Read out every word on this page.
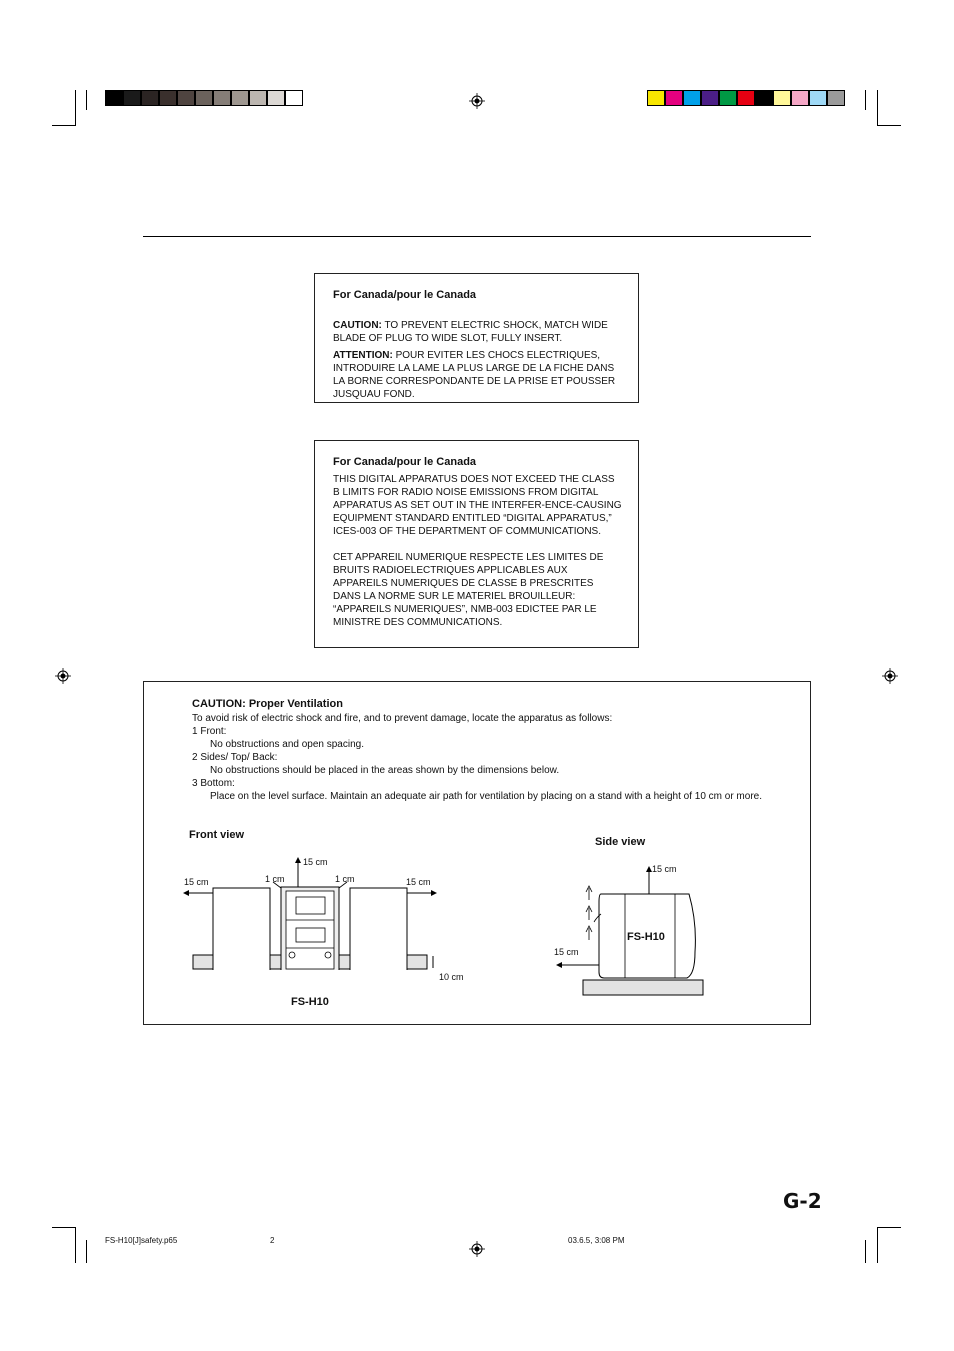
For Canada/pour le Canada

CAUTION: TO PREVENT ELECTRIC SHOCK, MATCH WIDE BLADE OF PLUG TO WIDE SLOT, FULLY INSERT.

ATTENTION: POUR EVITER LES CHOCS ELECTRIQUES, INTRODUIRE LA LAME LA PLUS LARGE DE LA FICHE DANS LA BORNE CORRESPONDANTE DE LA PRISE ET POUSSER JUSQUAU FOND.

For Canada/pour le Canada
THIS DIGITAL APPARATUS DOES NOT EXCEED THE CLASS B LIMITS FOR RADIO NOISE EMISSIONS FROM DIGITAL APPARATUS AS SET OUT IN THE INTERFER-ENCE-CAUSING EQUIPMENT STANDARD ENTITLED “DIGITAL APPARATUS,” ICES-003 OF THE DEPARTMENT OF COMMUNICATIONS.
CET APPAREIL NUMERIQUE RESPECTE LES LIMITES DE BRUITS RADIOELECTRIQUES APPLICABLES AUX APPAREILS NUMERIQUES DE CLASSE B PRESCRITES DANS LA NORME SUR LE MATERIEL BROUILLEUR: “APPAREILS NUMERIQUES”, NMB-003 EDICTEE PAR LE MINISTRE DES COMMUNICATIONS.
CAUTION: Proper Ventilation
To avoid risk of electric shock and fire, and to prevent damage, locate the apparatus as follows:
1 Front:
No obstructions and open spacing.
2 Sides/ Top/ Back:
No obstructions should be placed in the areas shown by the dimensions below.
3 Bottom:
Place on the level surface. Maintain an adequate air path for ventilation by placing on a stand with a height of 10 cm or more.
Front view
15 cm
15 cm	1 cm	1 cm	15 cm
10 cm
FS-H10
Side view
15 cm
15 cm
FS-H10
G-2
FS-H10[J]safety.p65	2	03.6.5, 3:08 PM
